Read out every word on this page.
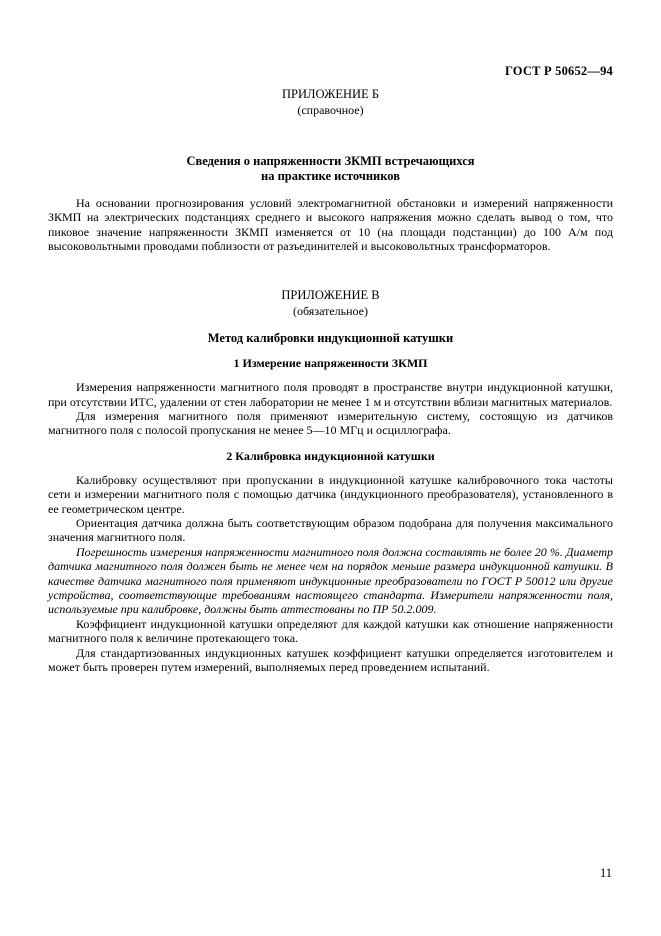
ГОСТ Р 50652—94
ПРИЛОЖЕНИЕ Б
(справочное)
Сведения о напряженности ЗКМП встречающихся
на практике источников

На основании прогнозирования условий электромагнитной обстановки и измерений напряженности ЗКМП на электрических подстанциях среднего и высокого напряжения можно сделать вывод о том, что пиковое значение напряженности ЗКМП изменяется от 10 (на площади подстанции) до 100 А/м под высоковольтными проводами поблизости от разъединителей и высоковольтных трансформаторов.

ПРИЛОЖЕНИЕ В
(обязательное)
Метод калибровки индукционной катушки
1 Измерение напряженности ЗКМП

Измерения напряженности магнитного поля проводят в пространстве внутри индукционной катушки, при отсутствии ИТС, удалении от стен лаборатории не менее 1 м и отсутствии вблизи магнитных материалов.

Для измерения магнитного поля применяют измерительную систему, состоящую из датчиков магнитного поля с полосой пропускания не менее 5—10 МГц и осциллографа.

2 Калибровка индукционной катушки

Калибровку осуществляют при пропускании в индукционной катушке калибровочного тока частоты сети и измерении магнитного поля с помощью датчика (индукционного преобразователя), установленного в ее геометрическом центре.

Ориентация датчика должна быть соответствующим образом подобрана для получения максимального значения магнитного поля.

Погрешность измерения напряженности магнитного поля должна составлять не более 20 %. Диаметр датчика магнитного поля должен быть не менее чем на порядок меньше размера индукционной катушки. В качестве датчика магнитного поля применяют индукционные преобразователи по ГОСТ Р 50012 или другие устройства, соответствующие требованиям настоящего стандарта. Измерители напряженности поля, используемые при калибровке, должны быть аттестованы по ПР 50.2.009.

Коэффициент индукционной катушки определяют для каждой катушки как отношение напряженности магнитного поля к величине протекающего тока.

Для стандартизованных индукционных катушек коэффициент катушки определяется изготовителем и может быть проверен путем измерений, выполняемых перед проведением испытаний.

11
